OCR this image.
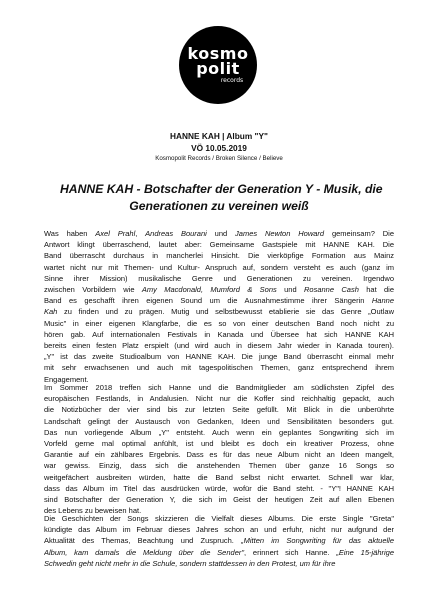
kosmo
polit
records
HANNE KAH | Album "Y"
VÖ 10.05.2019
Kosmopolit Records / Broken Silence / Believe
HANNE KAH - Botschafter der Generation Y - Musik, die
Generationen zu vereinen weiß
Was haben Axel Prahl, Andreas Bourani und James Newton Howard gemeinsam? Die
Antwort klingt überraschend, lautet aber: Gemeinsame Gastspiele mit HANNE KAH. Die
Band überrascht durchaus in mancherlei Hinsicht. Die vierköpfige Formation aus Mainz
wartet nicht nur mit Themen- und Kultur- Anspruch auf, sondern versteht es auch (ganz im
Sinne ihrer Mission) musikalische Genre und Generationen zu vereinen. Irgendwo
zwischen Vorbildern wie Amy Macdonald, Mumford & Sons und Rosanne Cash hat die
Band es geschafft ihren eigenen Sound um die Ausnahmestimme ihrer Sängerin Hanne
Kah zu finden und zu prägen. Mutig und selbstbewusst etablierie sie das Genre „Outlaw
Music" in einer eigenen Klangfarbe, die es so von einer deutschen Band noch nicht zu
hören gab. Auf internationalen Festivals in Kanada und Übersee hat sich HANNE KAH
bereits einen festen Platz erspielt (und wird auch in diesem Jahr wieder in Kanada touren).
„Y" ist das zweite Studioalbum von HANNE KAH. Die junge Band überrascht einmal mehr
mit sehr erwachsenen und auch mit tagespolitischen Themen, ganz entsprechend ihrem
Engagement.
Im Sommer 2018 treffen sich Hanne und die Bandmitglieder am südlichsten Zipfel des
europäischen Festlands, in Andalusien. Nicht nur die Koffer sind reichhaltig gepackt, auch
die Notizbücher der vier sind bis zur letzten Seite gefüllt. Mit Blick in die unberührte
Landschaft gelingt der Austausch von Gedanken, Ideen und Sensibilitäten besonders gut.
Das nun vorliegende Album „Y" entsteht. Auch wenn ein geplantes Songwriting sich im
Vorfeld gerne mal optimal anfühlt, ist und bleibt es doch ein kreativer Prozess, ohne
Garantie auf ein zählbares Ergebnis. Dass es für das neue Album nicht an Ideen mangelt,
war gewiss. Einzig, dass sich die anstehenden Themen über ganze 16 Songs so
weitgefächert ausbreiten würden, hatte die Band selbst nicht erwartet. Schnell war klar,
dass das Album im Titel das ausdrücken würde, wofür die Band steht. - "Y"! HANNE KAH
sind Botschafter der Generation Y, die sich im Geist der heutigen Zeit auf allen Ebenen
des Lebens zu beweisen hat.
Die Geschichten der Songs skizzieren die Vielfalt dieses Albums. Die erste Single "Greta"
kündigte das Album im Februar dieses Jahres schon an und erfuhr, nicht nur aufgrund der
Aktualität des Themas, Beachtung und Zuspruch. „Mitten im Songwriting für das aktuelle
Album, kam damals die Meldung über die Sender", erinnert sich Hanne. „Eine 15-jährige
Schwedin geht nicht mehr in die Schule, sondern stattdessen in den Protest, um für ihre
